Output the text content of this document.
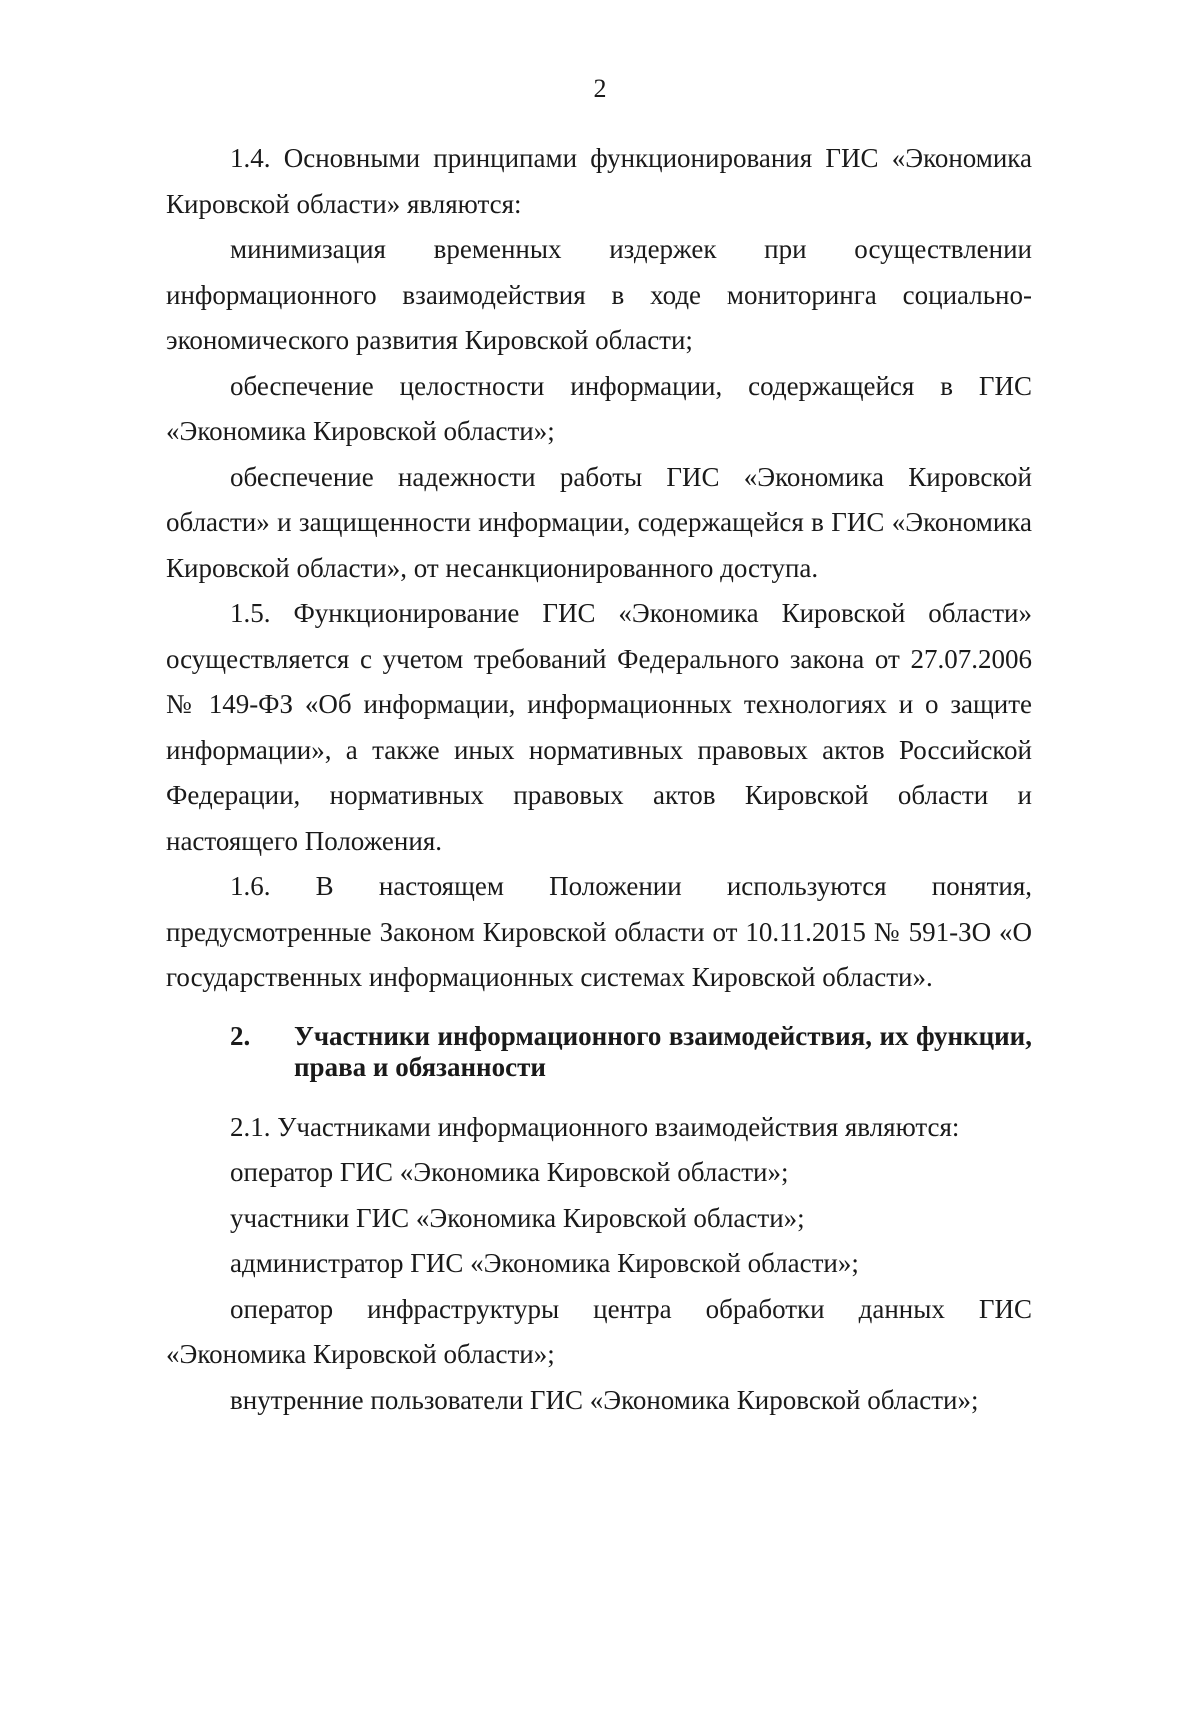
2

1.4. Основными принципами функционирования ГИС «Экономика Кировской области» являются:

минимизация временных издержек при осуществлении информационного взаимодействия в ходе мониторинга социально-экономического развития Кировской области;

обеспечение целостности информации, содержащейся в ГИС «Экономика Кировской области»;

обеспечение надежности работы ГИС «Экономика Кировской области» и защищенности информации, содержащейся в ГИС «Экономика Кировской области», от несанкционированного доступа.

1.5. Функционирование ГИС «Экономика Кировской области» осуществляется с учетом требований Федерального закона от 27.07.2006 № 149-ФЗ «Об информации, информационных технологиях и о защите информации», а также иных нормативных правовых актов Российской Федерации, нормативных правовых актов Кировской области и настоящего Положения.

1.6. В настоящем Положении используются понятия, предусмотренные Законом Кировской области от 10.11.2015 № 591-ЗО «О государственных информационных системах Кировской области».

2.	Участники информационного взаимодействия, их функции, права и обязанности

2.1. Участниками информационного взаимодействия являются:

оператор ГИС «Экономика Кировской области»;

участники ГИС «Экономика Кировской области»;

администратор ГИС «Экономика Кировской области»;

оператор инфраструктуры центра обработки данных ГИС «Экономика Кировской области»;

внутренние пользователи ГИС «Экономика Кировской области»;
